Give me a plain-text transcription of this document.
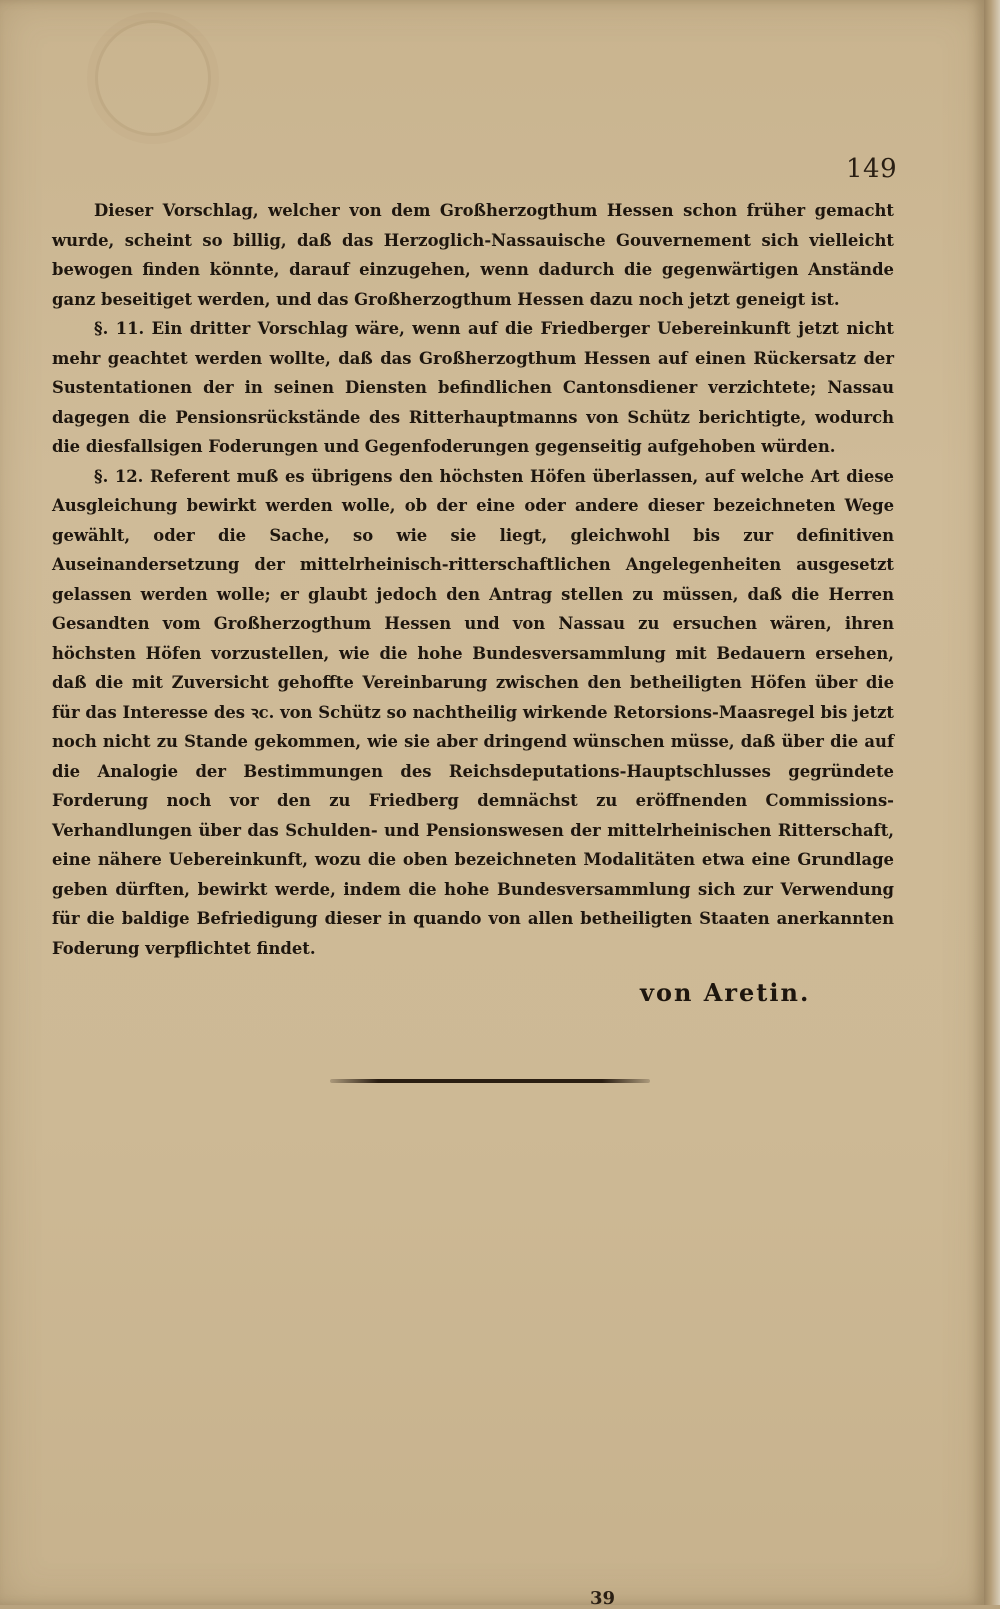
149

Dieser Vorschlag, welcher von dem Großherzogthum Hessen schon früher gemacht wurde, scheint so billig, daß das Herzoglich-Nassauische Gouvernement sich vielleicht bewogen finden könnte, darauf einzugehen, wenn dadurch die gegenwärtigen Anstände ganz beseitiget werden, und das Großherzogthum Hessen dazu noch jetzt geneigt ist.

§. 11. Ein dritter Vorschlag wäre, wenn auf die Friedberger Uebereinkunft jetzt nicht mehr geachtet werden wollte, daß das Großherzogthum Hessen auf einen Rückersatz der Sustentationen der in seinen Diensten befindlichen Cantonsdiener verzichtete; Nassau dagegen die Pensionsrückstände des Ritterhauptmanns von Schütz berichtigte, wodurch die diesfallsigen Foderungen und Gegenfoderungen gegenseitig aufgehoben würden.

§. 12. Referent muß es übrigens den höchsten Höfen überlassen, auf welche Art diese Ausgleichung bewirkt werden wolle, ob der eine oder andere dieser bezeichneten Wege gewählt, oder die Sache, so wie sie liegt, gleichwohl bis zur definitiven Auseinandersetzung der mittelrheinisch-ritterschaftlichen Angelegenheiten ausgesetzt gelassen werden wolle; er glaubt jedoch den Antrag stellen zu müssen, daß die Herren Gesandten vom Großherzogthum Hessen und von Nassau zu ersuchen wären, ihren höchsten Höfen vorzustellen, wie die hohe Bundesversammlung mit Bedauern ersehen, daß die mit Zuversicht gehoffte Vereinbarung zwischen den betheiligten Höfen über die für das Interesse des ꝛc. von Schütz so nachtheilig wirkende Retorsions-Maasregel bis jetzt noch nicht zu Stande gekommen, wie sie aber dringend wünschen müsse, daß über die auf die Analogie der Bestimmungen des Reichsdeputations-Hauptschlusses gegründete Forderung noch vor den zu Friedberg demnächst zu eröffnenden Commissions-Verhandlungen über das Schulden- und Pensionswesen der mittelrheinischen Ritterschaft, eine nähere Uebereinkunft, wozu die oben bezeichneten Modalitäten etwa eine Grundlage geben dürften, bewirkt werde, indem die hohe Bundesversammlung sich zur Verwendung für die baldige Befriedigung dieser in quando von allen betheiligten Staaten anerkannten Foderung verpflichtet findet.

von Aretin.
39
